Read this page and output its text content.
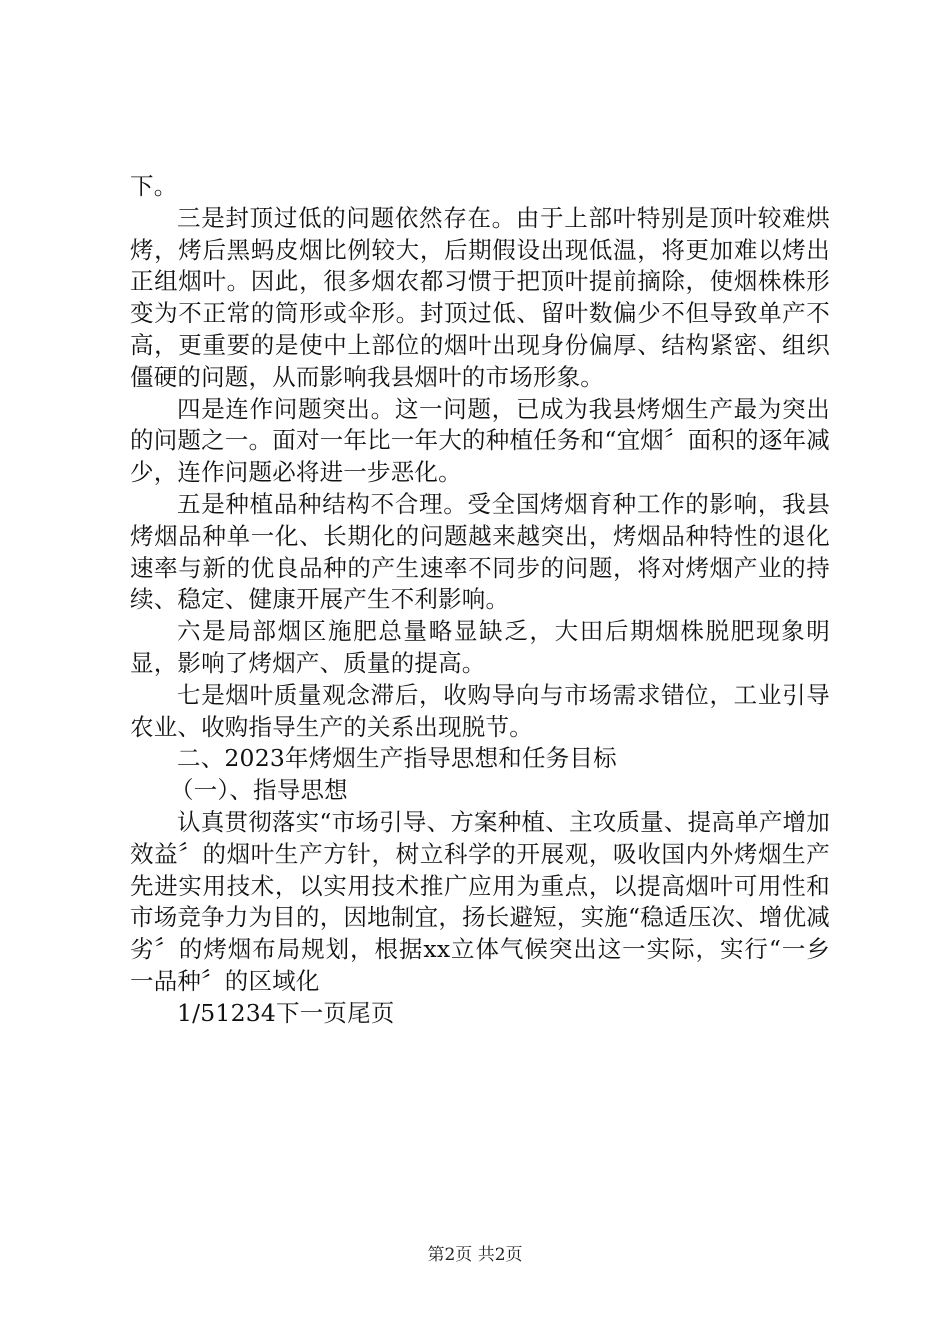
下。

三是封顶过低的问题依然存在。由于上部叶特别是顶叶较难烘烤，烤后黑蚂皮烟比例较大，后期假设出现低温，将更加难以烤出正组烟叶。因此，很多烟农都习惯于把顶叶提前摘除，使烟株株形变为不正常的筒形或伞形。封顶过低、留叶数偏少不但导致单产不高，更重要的是使中上部位的烟叶出现身份偏厚、结构紧密、组织僵硬的问题，从而影响我县烟叶的市场形象。

四是连作问题突出。这一问题，已成为我县烤烟生产最为突出的问题之一。面对一年比一年大的种植任务和“宜烟〞面积的逐年减少，连作问题必将进一步恶化。

五是种植品种结构不合理。受全国烤烟育种工作的影响，我县烤烟品种单一化、长期化的问题越来越突出，烤烟品种特性的退化速率与新的优良品种的产生速率不同步的问题，将对烤烟产业的持续、稳定、健康开展产生不利影响。

六是局部烟区施肥总量略显缺乏，大田后期烟株脱肥现象明显，影响了烤烟产、质量的提高。

七是烟叶质量观念滞后，收购导向与市场需求错位，工业引导农业、收购指导生产的关系出现脱节。

二、2023年烤烟生产指导思想和任务目标

（一）、指导思想

认真贯彻落实“市场引导、方案种植、主攻质量、提高单产增加效益〞的烟叶生产方针，树立科学的开展观，吸收国内外烤烟生产先进实用技术，以实用技术推广应用为重点，以提高烟叶可用性和市场竞争力为目的，因地制宜，扬长避短，实施“稳适压次、增优减劣〞的烤烟布局规划，根据xx立体气候突出这一实际，实行“一乡一品种〞的区域化

1/51234下一页尾页

第2页 共2页
